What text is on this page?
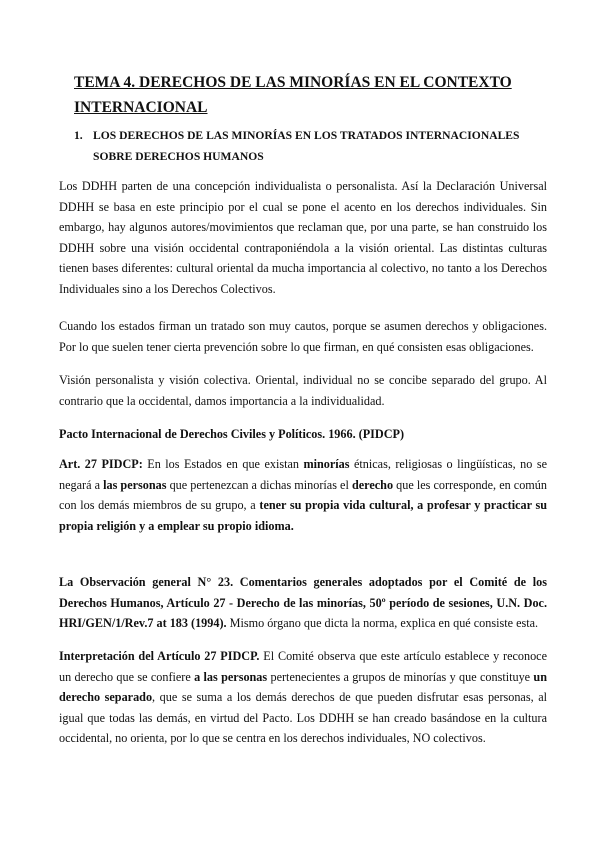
TEMA 4. DERECHOS DE LAS MINORÍAS EN EL CONTEXTO INTERNACIONAL
1. LOS DERECHOS DE LAS MINORÍAS EN LOS TRATADOS INTERNACIONALES SOBRE DERECHOS HUMANOS

Los DDHH parten de una concepción individualista o personalista. Así la Declaración Universal DDHH se basa en este principio por el cual se pone el acento en los derechos individuales. Sin embargo, hay algunos autores/movimientos que reclaman que, por una parte, se han construido los DDHH sobre una visión occidental contraponiéndola a la visión oriental. Las distintas culturas tienen bases diferentes: cultural oriental da mucha importancia al colectivo, no tanto a los Derechos Individuales sino a los Derechos Colectivos.

Cuando los estados firman un tratado son muy cautos, porque se asumen derechos y obligaciones. Por lo que suelen tener cierta prevención sobre lo que firman, en qué consisten esas obligaciones.

Visión personalista y visión colectiva. Oriental, individual no se concibe separado del grupo. Al contrario que la occidental, damos importancia a la individualidad.

Pacto Internacional de Derechos Civiles y Políticos. 1966. (PIDCP)

Art. 27 PIDCP: En los Estados en que existan minorías étnicas, religiosas o lingüísticas, no se negará a las personas que pertenezcan a dichas minorías el derecho que les corresponde, en común con los demás miembros de su grupo, a tener su propia vida cultural, a profesar y practicar su propia religión y a emplear su propio idioma.

La Observación general N° 23. Comentarios generales adoptados por el Comité de los Derechos Humanos, Artículo 27 - Derecho de las minorías, 50º período de sesiones, U.N. Doc. HRI/GEN/1/Rev.7 at 183 (1994). Mismo órgano que dicta la norma, explica en qué consiste esta.

Interpretación del Artículo 27 PIDCP. El Comité observa que este artículo establece y reconoce un derecho que se confiere a las personas pertenecientes a grupos de minorías y que constituye un derecho separado, que se suma a los demás derechos de que pueden disfrutar esas personas, al igual que todas las demás, en virtud del Pacto. Los DDHH se han creado basándose en la cultura occidental, no orienta, por lo que se centra en los derechos individuales, NO colectivos.
